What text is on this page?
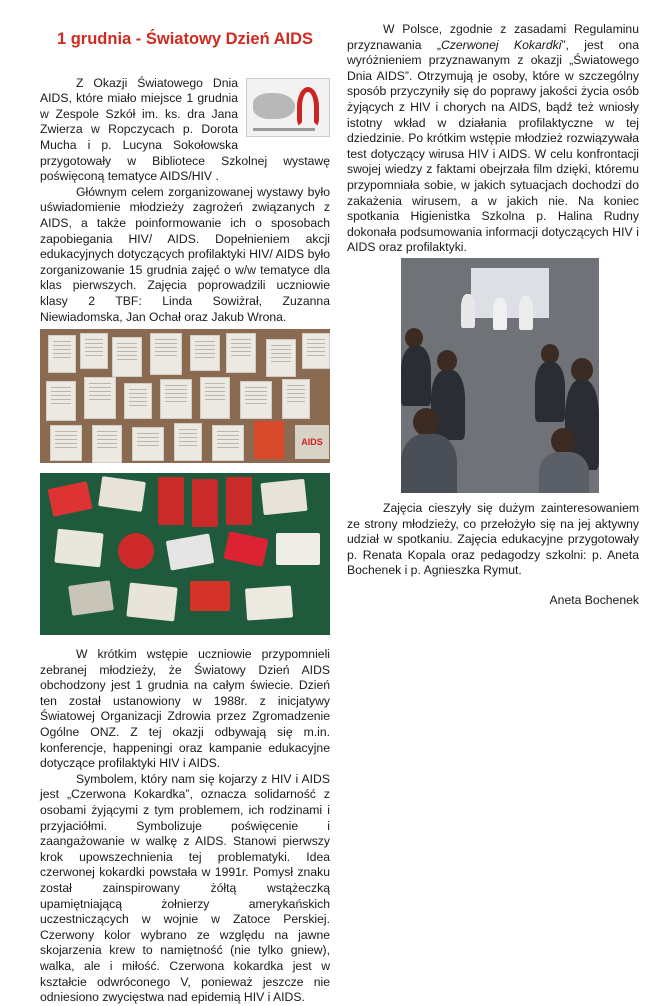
1 grudnia - Światowy Dzień AIDS

Z Okazji Światowego Dnia AIDS, które miało miejsce 1 grudnia w Zespole Szkół im. ks. dra Jana Zwierza w Ropczycach p. Dorota Mucha i p. Lucyna Sokołowska przygotowały w Bibliotece Szkolnej wystawę poświęconą tematyce AIDS/HIV .

Głównym celem zorganizowanej wystawy było uświadomienie młodzieży zagrożeń związanych z AIDS, a także poinformowanie ich o sposobach zapobiegania HIV/ AIDS. Dopełnieniem akcji edukacyjnych dotyczących profilaktyki HIV/ AIDS było zorganizowanie 15 grudnia zajęć o w/w tematyce dla klas pierwszych. Zajęcia poprowadzili uczniowie klasy 2 TBF: Linda Sowiżrał, Zuzanna Niewiadomska, Jan Ochał oraz Jakub Wrona.

AIDS

W krótkim wstępie uczniowie przypomnieli zebranej młodzieży, że Światowy Dzień AIDS obchodzony jest 1 grudnia na całym świecie. Dzień ten został ustanowiony w 1988r. z inicjatywy Światowej Organizacji Zdrowia przez Zgromadzenie Ogólne ONZ. Z tej okazji odbywają się m.in. konferencje, happeningi oraz kampanie edukacyjne dotyczące profilaktyki HIV i AIDS.

Symbolem, który nam się kojarzy z HIV i AIDS jest „Czerwona Kokardka”, oznacza solidarność z osobami żyjącymi z tym problemem, ich rodzinami i przyjaciółmi. Symbolizuje poświęcenie i zaangażowanie w walkę z AIDS. Stanowi pierwszy krok upowszechnienia tej problematyki. Idea czerwonej kokardki powstała w 1991r. Pomysł znaku został zainspirowany żółtą wstążeczką upamiętniającą żołnierzy amerykańskich uczestniczących w wojnie w Zatoce Perskiej. Czerwony kolor wybrano ze względu na jawne skojarzenia krew to namiętność (nie tylko gniew), walka, ale i miłość. Czerwona kokardka jest w kształcie odwróconego V, ponieważ jeszcze nie odniesiono zwycięstwa nad epidemią HIV i AIDS.

W Polsce, zgodnie z zasadami Regulaminu przyznawania „Czerwonej Kokardki”, jest ona wyróżnieniem przyznawanym z okazji „Światowego Dnia AIDS”. Otrzymują je osoby, które w szczególny sposób przyczyniły się do poprawy jakości życia osób żyjących z HIV i chorych na AIDS, bądź też wniosły istotny wkład w działania profilaktyczne w tej dziedzinie. Po krótkim wstępie młodzież rozwiązywała test dotyczący wirusa HIV i AIDS. W celu konfrontacji swojej wiedzy z faktami obejrzała film dzięki, któremu przypomniała sobie, w jakich sytuacjach dochodzi do zakażenia wirusem, a w jakich nie. Na koniec spotkania Higienistka Szkolna p. Halina Rudny dokonała podsumowania informacji dotyczących HIV i AIDS oraz profilaktyki.

Zajęcia cieszyły się dużym zainteresowaniem ze strony młodzieży, co przełożyło się na jej aktywny udział w spotkaniu. Zajęcia edukacyjne przygotowały p. Renata Kopala oraz pedagodzy szkolni: p. Aneta Bochenek i p. Agnieszka Rymut.

Aneta Bochenek
